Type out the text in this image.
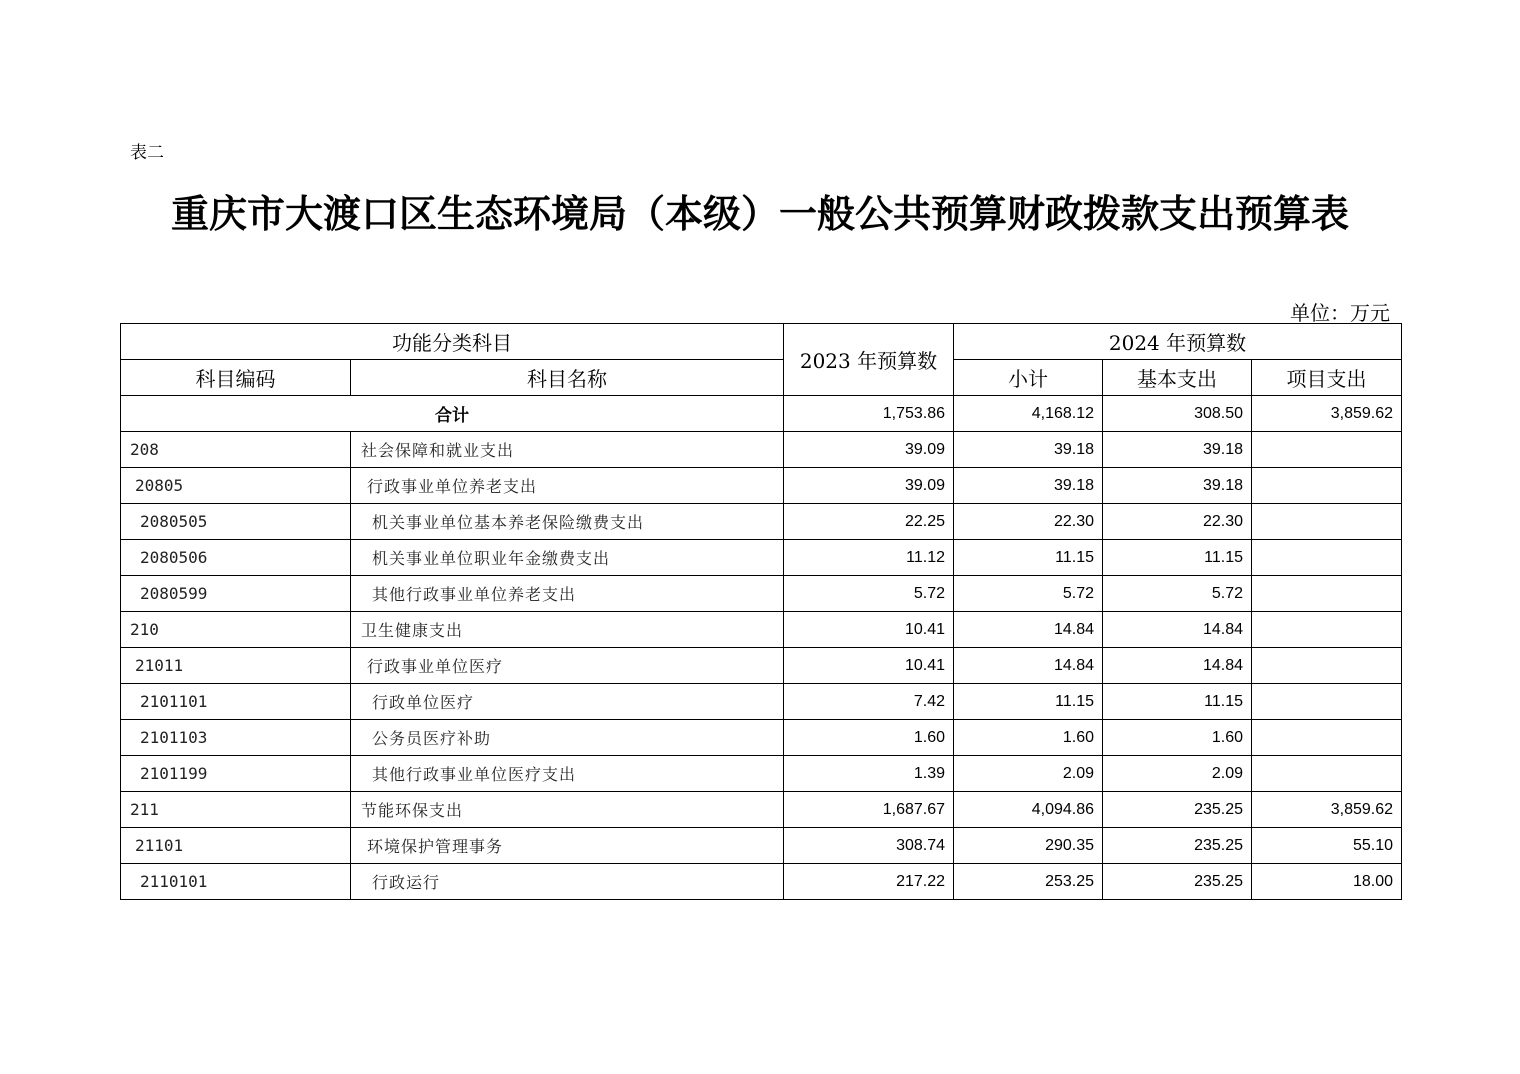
表二
重庆市大渡口区生态环境局（本级）一般公共预算财政拨款支出预算表
单位：万元
功能分类科目		2023 年预算数	2024 年预算数		
科目编码	科目名称		小计	基本支出	项目支出
合计		1,753.86	4,168.12	308.50	3,859.62
208	社会保障和就业支出	39.09	39.18	39.18	
20805	行政事业单位养老支出	39.09	39.18	39.18	
2080505	机关事业单位基本养老保险缴费支出	22.25	22.30	22.30	
2080506	机关事业单位职业年金缴费支出	11.12	11.15	11.15	
2080599	其他行政事业单位养老支出	5.72	5.72	5.72	
210	卫生健康支出	10.41	14.84	14.84	
21011	行政事业单位医疗	10.41	14.84	14.84	
2101101	行政单位医疗	7.42	11.15	11.15	
2101103	公务员医疗补助	1.60	1.60	1.60	
2101199	其他行政事业单位医疗支出	1.39	2.09	2.09	
211	节能环保支出	1,687.67	4,094.86	235.25	3,859.62
21101	环境保护管理事务	308.74	290.35	235.25	55.10
2110101	行政运行	217.22	253.25	235.25	18.00
